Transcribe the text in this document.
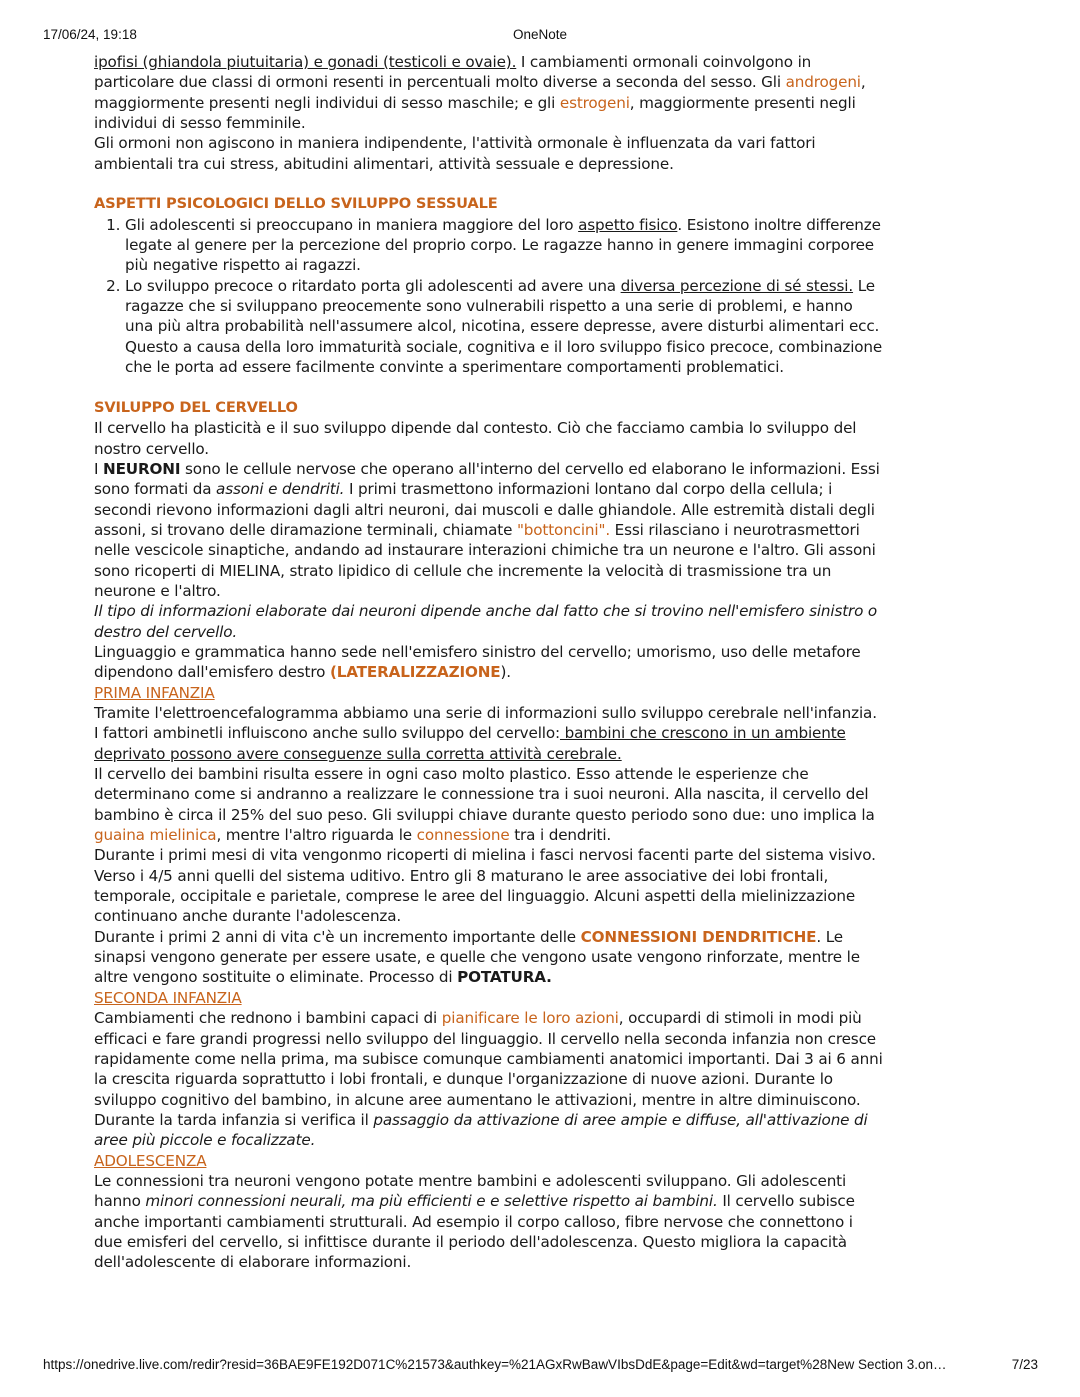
17/06/24, 19:18	OneNote

ipofisi (ghiandola piutuitaria) e gonadi (testicoli e ovaie). I cambiamenti ormonali coinvolgono in particolare due classi di ormoni resenti in percentuali molto diverse a seconda del sesso. Gli androgeni, maggiormente presenti negli individui di sesso maschile; e gli estrogeni, maggiormente presenti negli individui di sesso femminile.

Gli ormoni non agiscono in maniera indipendente, l'attività ormonale è influenzata da vari fattori ambientali tra cui stress, abitudini alimentari, attività sessuale e depressione.

ASPETTI PSICOLOGICI DELLO SVILUPPO SESSUALE

1. Gli adolescenti si preoccupano in maniera maggiore del loro aspetto fisico. Esistono inoltre differenze legate al genere per la percezione del proprio corpo. Le ragazze hanno in genere immagini corporee più negative rispetto ai ragazzi.
2. Lo sviluppo precoce o ritardato porta gli adolescenti ad avere una diversa percezione di sé stessi. Le ragazze che si sviluppano preocemente sono vulnerabili rispetto a una serie di problemi, e hanno una più altra probabilità nell'assumere alcol, nicotina, essere depresse, avere disturbi alimentari ecc. Questo a causa della loro immaturità sociale, cognitiva e il loro sviluppo fisico precoce, combinazione che le porta ad essere facilmente convinte a sperimentare comportamenti problematici.

SVILUPPO DEL CERVELLO

Il cervello ha plasticità e il suo sviluppo dipende dal contesto. Ciò che facciamo cambia lo sviluppo del nostro cervello.

I NEURONI sono le cellule nervose che operano all'interno del cervello ed elaborano le informazioni. Essi sono formati da assoni e dendriti. I primi trasmettono informazioni lontano dal corpo della cellula; i secondi rievono informazioni dagli altri neuroni, dai muscoli e dalle ghiandole. Alle estremità distali degli assoni, si trovano delle diramazione terminali, chiamate "bottoncini". Essi rilasciano i neurotrasmettori nelle vescicole sinaptiche, andando ad instaurare interazioni chimiche tra un neurone e l'altro. Gli assoni sono ricoperti di MIELINA, strato lipidico di cellule che incremente la velocità di trasmissione tra un neurone e l'altro.

Il tipo di informazioni elaborate dai neuroni dipende anche dal fatto che si trovino nell'emisfero sinistro o destro del cervello.

Linguaggio e grammatica hanno sede nell'emisfero sinistro del cervello; umorismo, uso delle metafore dipendono dall'emisfero destro (LATERALIZZAZIONE).

PRIMA INFANZIA

Tramite l'elettroencefalogramma abbiamo una serie di informazioni sullo sviluppo cerebrale nell'infanzia. I fattori ambinetli influiscono anche sullo sviluppo del cervello: bambini che crescono in un ambiente deprivato possono avere conseguenze sulla corretta attività cerebrale.

Il cervello dei bambini risulta essere in ogni caso molto plastico. Esso attende le esperienze che determinano come si andranno a realizzare le connessione tra i suoi neuroni. Alla nascita, il cervello del bambino è circa il 25% del suo peso. Gli sviluppi chiave durante questo periodo sono due: uno implica la guaina mielinica, mentre l'altro riguarda le connessione tra i dendriti.

Durante i primi mesi di vita vengonmo ricoperti di mielina i fasci nervosi facenti parte del sistema visivo. Verso i 4/5 anni quelli del sistema uditivo. Entro gli 8 maturano le aree associative dei lobi frontali, temporale, occipitale e parietale, comprese le aree del linguaggio. Alcuni aspetti della mielinizzazione continuano anche durante l'adolescenza.

Durante i primi 2 anni di vita c'è un incremento importante delle CONNESSIONI DENDRITICHE. Le sinapsi vengono generate per essere usate, e quelle che vengono usate vengono rinforzate, mentre le altre vengono sostituite o eliminate. Processo di POTATURA.

SECONDA INFANZIA

Cambiamenti che rednono i bambini capaci di pianificare le loro azioni, occupardi di stimoli in modi più efficaci e fare grandi progressi nello sviluppo del linguaggio. Il cervello nella seconda infanzia non cresce rapidamente come nella prima, ma subisce comunque cambiamenti anatomici importanti. Dai 3 ai 6 anni la crescita riguarda soprattutto i lobi frontali, e dunque l'organizzazione di nuove azioni. Durante lo sviluppo cognitivo del bambino, in alcune aree aumentano le attivazioni, mentre in altre diminuiscono. Durante la tarda infanzia si verifica il passaggio da attivazione di aree ampie e diffuse, all'attivazione di aree più piccole e focalizzate.

ADOLESCENZA

Le connessioni tra neuroni vengono potate mentre bambini e adolescenti sviluppano. Gli adolescenti hanno minori connessioni neurali, ma più efficienti e e selettive rispetto ai bambini. Il cervello subisce anche importanti cambiamenti strutturali. Ad esempio il corpo calloso, fibre nervose che connettono i due emisferi del cervello, si infittisce durante il periodo dell'adolescenza. Questo migliora la capacità dell'adolescente di elaborare informazioni.

https://onedrive.live.com/redir?resid=36BAE9FE192D071C%21573&authkey=%21AGxRwBawVIbsDdE&page=Edit&wd=target%28New Section 3.on…	7/23
